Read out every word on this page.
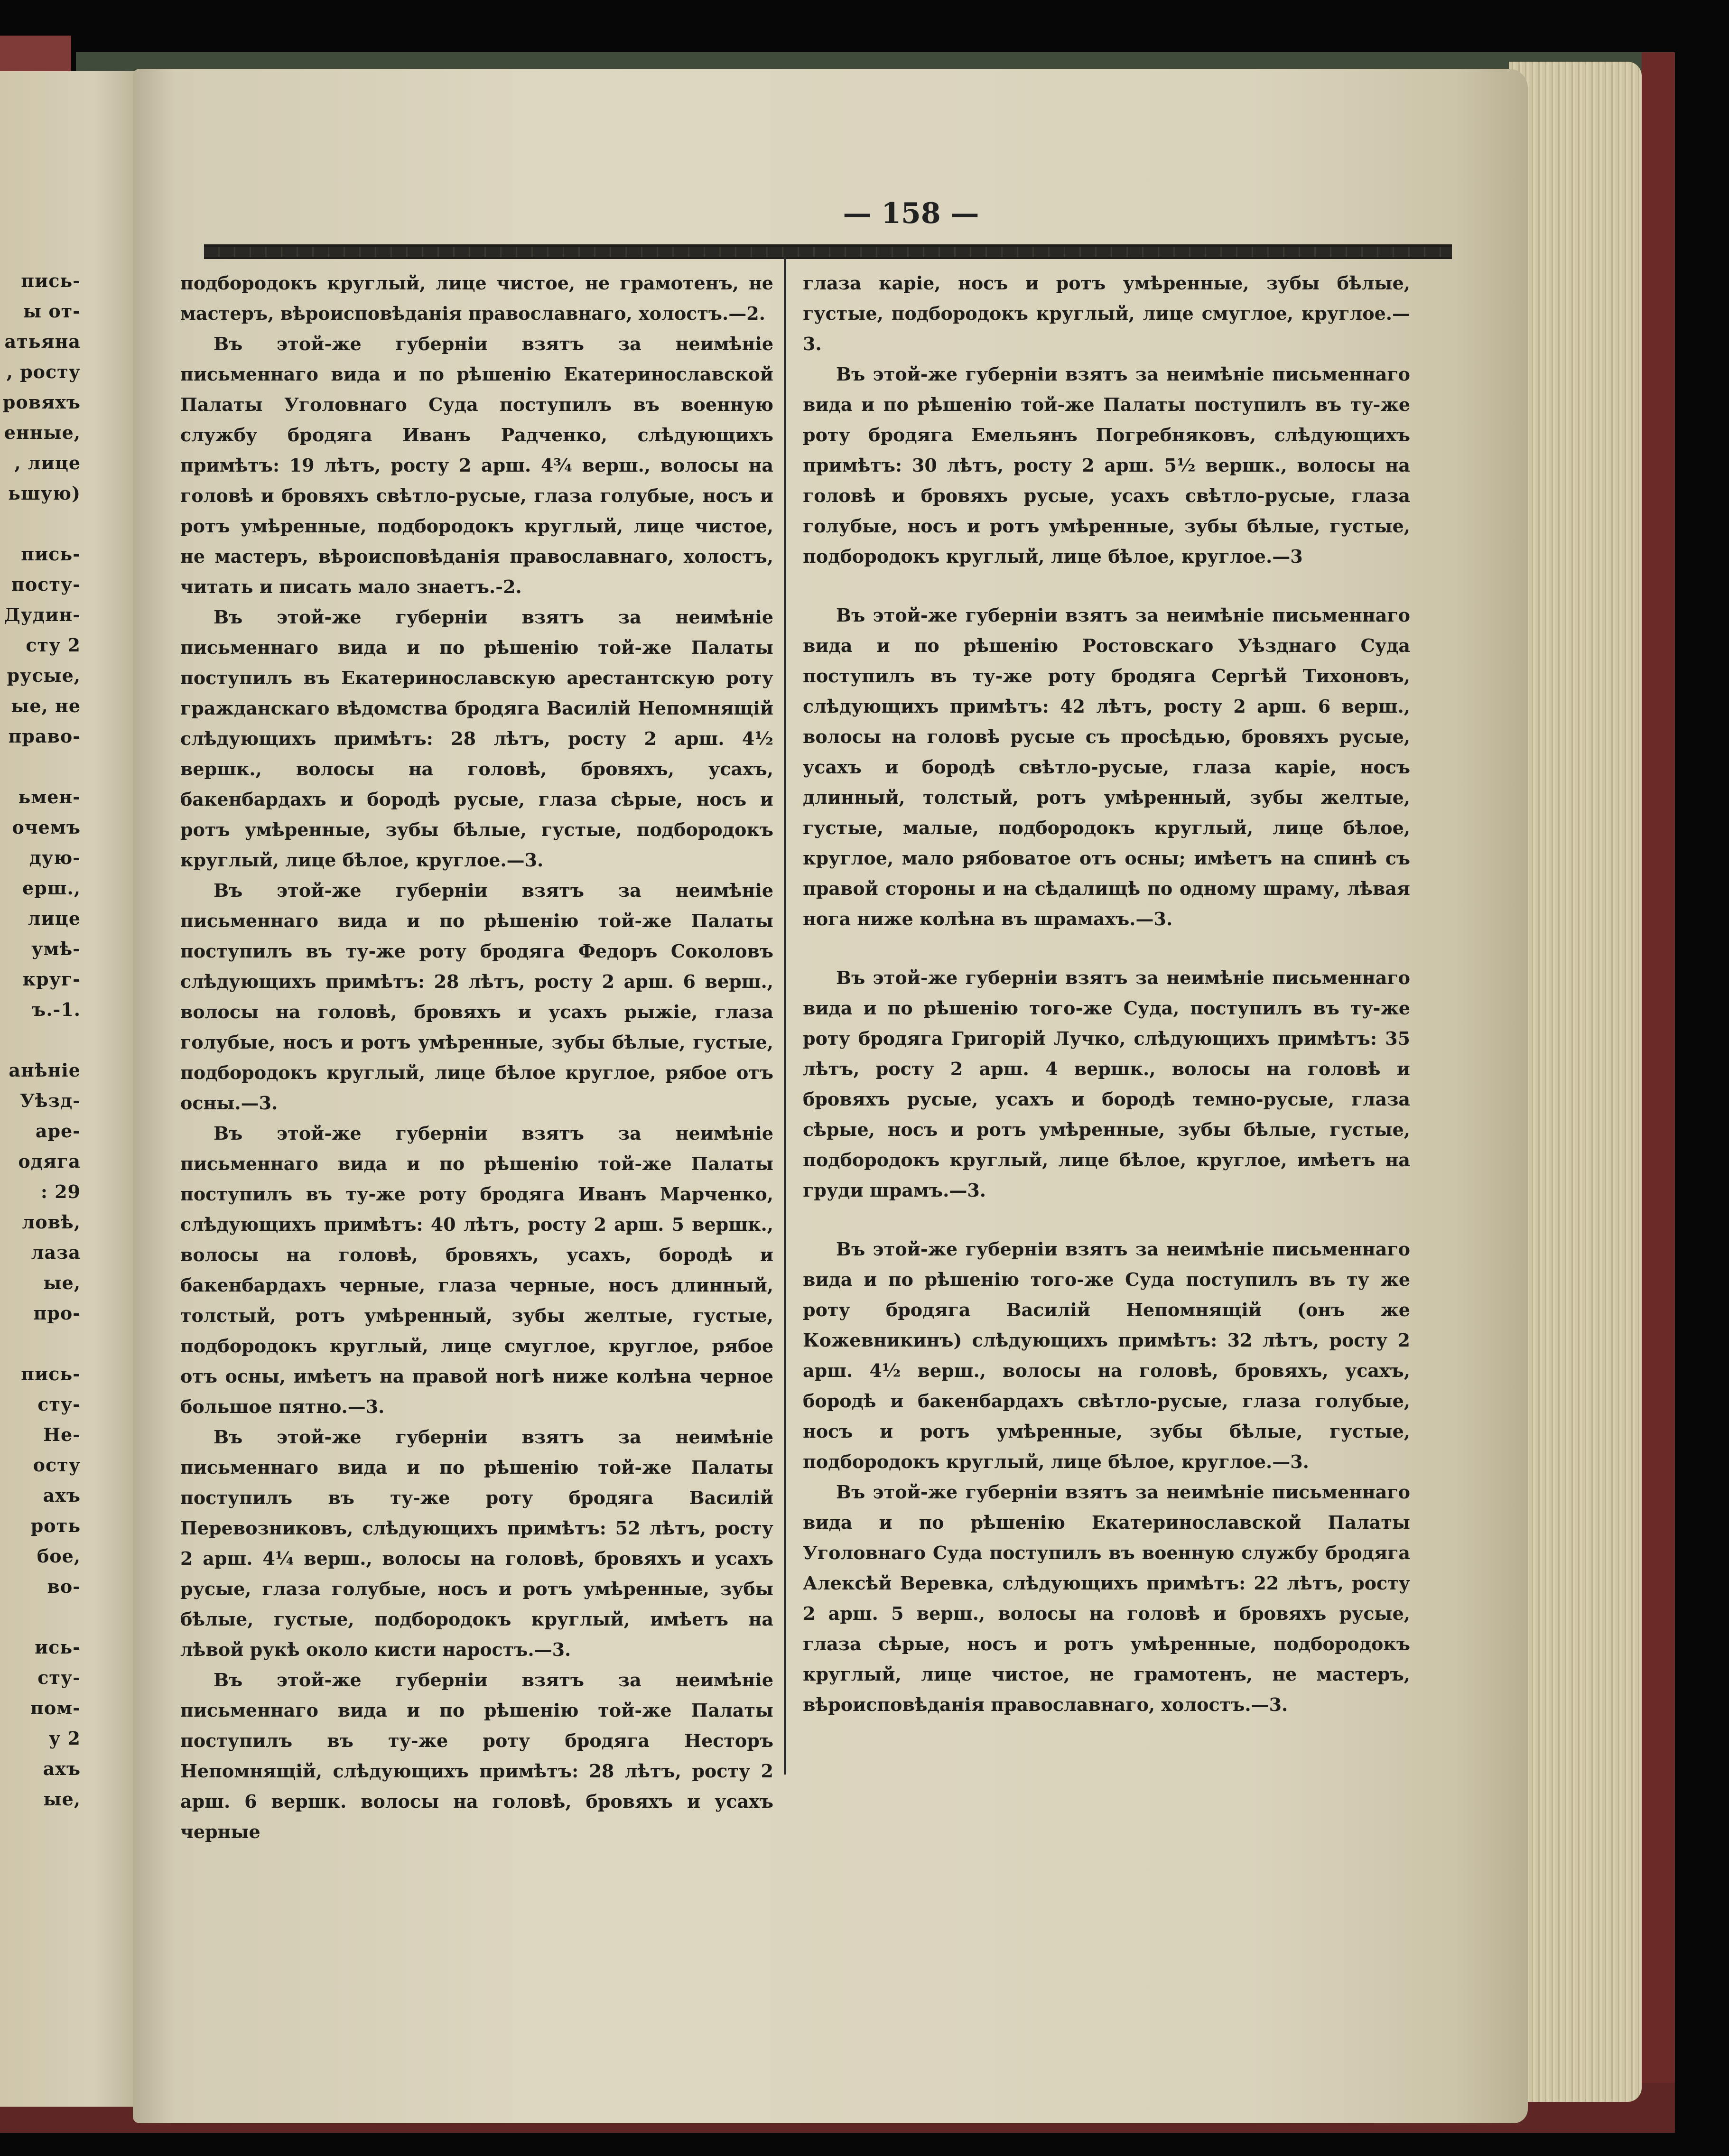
пись-
ы от-
атьяна
, росту
ровяхъ
енные,
, лице
ьшую)
пись-
посту-
Дудин-
сту 2
русые,
ые, не
право-
ьмен-
очемъ
дую-
ерш.,
лице
умѣ-
круг-
ъ.-1.
анѣніе
Уѣзд-
аре-
одяга
: 29
ловѣ,
лаза
ые,
про-
пись-
сту-
Не-
осту
ахъ
роть
бое,
во-
ись-
сту-
пом-
у 2
ахъ
ые,
— 158 —
подбородокъ круглый, лице чистое, не грамотенъ, не мастеръ, вѣроисповѣданія православнаго, холостъ.—2.
Въ этой-же губерніи взятъ за неимѣніе письменнаго вида и по рѣшенію Екатеринославской Палаты Уголовнаго Суда поступилъ въ военную службу бродяга Иванъ Радченко, слѣдующихъ примѣтъ: 19 лѣтъ, росту 2 арш. 4¾ верш., волосы на головѣ и бровяхъ свѣтло-русые, глаза голубые, носъ и ротъ умѣренные, подбородокъ круглый, лице чистое, не мастеръ, вѣроисповѣданія православнаго, холостъ, читать и писать мало знаетъ.-2.
Въ этой-же губерніи взятъ за неимѣніе письменнаго вида и по рѣшенію той-же Палаты поступилъ въ Екатеринославскую арестантскую роту гражданскаго вѣдомства бродяга Василій Непомнящій слѣдующихъ примѣтъ: 28 лѣтъ, росту 2 арш. 4½ вершк., волосы на головѣ, бровяхъ, усахъ, бакенбардахъ и бородѣ русые, глаза сѣрые, носъ и ротъ умѣренные, зубы бѣлые, густые, подбородокъ круглый, лице бѣлое, круглое.—3.
Въ этой-же губерніи взятъ за неимѣніе письменнаго вида и по рѣшенію той-же Палаты поступилъ въ ту-же роту бродяга Федоръ Соколовъ слѣдующихъ примѣтъ: 28 лѣтъ, росту 2 арш. 6 верш., волосы на головѣ, бровяхъ и усахъ рыжіе, глаза голубые, носъ и ротъ умѣренные, зубы бѣлые, густые, подбородокъ круглый, лице бѣлое круглое, рябое отъ осны.—3.
Въ этой-же губерніи взятъ за неимѣніе письменнаго вида и по рѣшенію той-же Палаты поступилъ въ ту-же роту бродяга Иванъ Марченко, слѣдующихъ примѣтъ: 40 лѣтъ, росту 2 арш. 5 вершк., волосы на головѣ, бровяхъ, усахъ, бородѣ и бакенбардахъ черные, глаза черные, носъ длинный, толстый, ротъ умѣренный, зубы желтые, густые, подбородокъ круглый, лице смуглое, круглое, рябое отъ осны, имѣетъ на правой ногѣ ниже колѣна черное большое пятно.—3.
Въ этой-же губерніи взятъ за неимѣніе письменнаго вида и по рѣшенію той-же Палаты поступилъ въ ту-же роту бродяга Василій Перевозниковъ, слѣдующихъ примѣтъ: 52 лѣтъ, росту 2 арш. 4¼ верш., волосы на головѣ, бровяхъ и усахъ русые, глаза голубые, носъ и ротъ умѣренные, зубы бѣлые, густые, подбородокъ круглый, имѣетъ на лѣвой рукѣ около кисти наростъ.—3.
Въ этой-же губерніи взятъ за неимѣніе письменнаго вида и по рѣшенію той-же Палаты поступилъ въ ту-же роту бродяга Несторъ Непомнящій, слѣдующихъ примѣтъ: 28 лѣтъ, росту 2 арш. 6 вершк. волосы на головѣ, бровяхъ и усахъ черные
глаза каріе, носъ и ротъ умѣренные, зубы бѣлые, густые, подбородокъ круглый, лице смуглое, круглое.—3.
Въ этой-же губерніи взятъ за неимѣніе письменнаго вида и по рѣшенію той-же Палаты поступилъ въ ту-же роту бродяга Емельянъ Погребняковъ, слѣдующихъ примѣтъ: 30 лѣтъ, росту 2 арш. 5½ вершк., волосы на головѣ и бровяхъ русые, усахъ свѣтло-русые, глаза голубые, носъ и ротъ умѣренные, зубы бѣлые, густые, подбородокъ круглый, лице бѣлое, круглое.—3
Въ этой-же губерніи взятъ за неимѣніе письменнаго вида и по рѣшенію Ростовскаго Уѣзднаго Суда поступилъ въ ту-же роту бродяга Сергѣй Тихоновъ, слѣдующихъ примѣтъ: 42 лѣтъ, росту 2 арш. 6 верш., волосы на головѣ русые съ просѣдью, бровяхъ русые, усахъ и бородѣ свѣтло-русые, глаза каріе, носъ длинный, толстый, ротъ умѣренный, зубы желтые, густые, малые, подбородокъ круглый, лице бѣлое, круглое, мало рябоватое отъ осны; имѣетъ на спинѣ съ правой стороны и на сѣдалищѣ по одному шраму, лѣвая нога ниже колѣна въ шрамахъ.—3.
Въ этой-же губерніи взятъ за неимѣніе письменнаго вида и по рѣшенію того-же Суда, поступилъ въ ту-же роту бродяга Григорій Лучко, слѣдующихъ примѣтъ: 35 лѣтъ, росту 2 арш. 4 вершк., волосы на головѣ и бровяхъ русые, усахъ и бородѣ темно-русые, глаза сѣрые, носъ и ротъ умѣренные, зубы бѣлые, густые, подбородокъ круглый, лице бѣлое, круглое, имѣетъ на груди шрамъ.—3.
Въ этой-же губерніи взятъ за неимѣніе письменнаго вида и по рѣшенію того-же Суда поступилъ въ ту же роту бродяга Василій Непомнящій (онъ же Кожевникинъ) слѣдующихъ примѣтъ: 32 лѣтъ, росту 2 арш. 4½ верш., волосы на головѣ, бровяхъ, усахъ, бородѣ и бакенбардахъ свѣтло-русые, глаза голубые, носъ и ротъ умѣренные, зубы бѣлые, густые, подбородокъ круглый, лице бѣлое, круглое.—3.
Въ этой-же губерніи взятъ за неимѣніе письменнаго вида и по рѣшенію Екатеринославской Палаты Уголовнаго Суда поступилъ въ военную службу бродяга Алексѣй Веревка, слѣдующихъ примѣтъ: 22 лѣтъ, росту 2 арш. 5 верш., волосы на головѣ и бровяхъ русые, глаза сѣрые, носъ и ротъ умѣренные, подбородокъ круглый, лице чистое, не грамотенъ, не мастеръ, вѣроисповѣданія православнаго, холостъ.—3.
